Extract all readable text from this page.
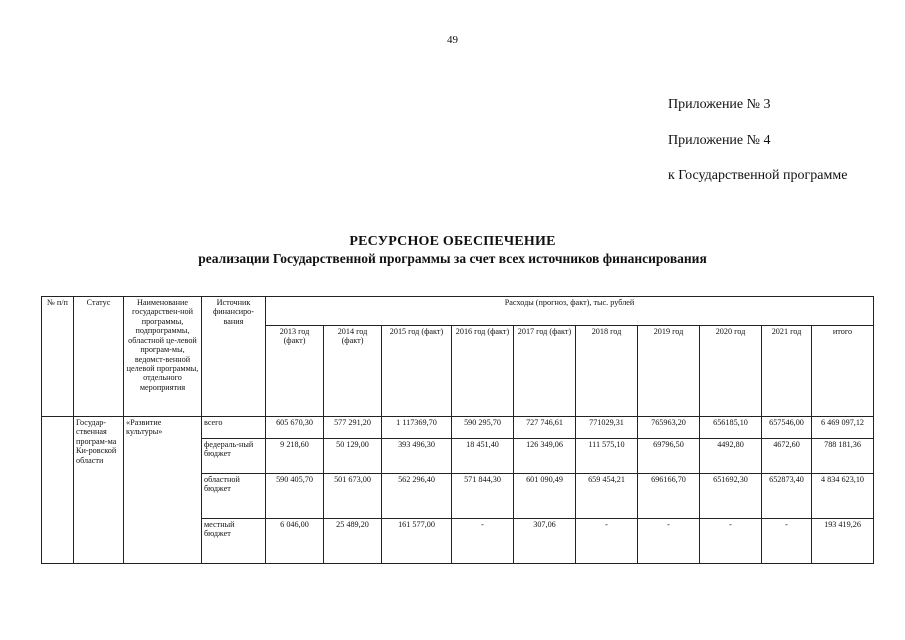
49
Приложение № 3
Приложение № 4
к Государственной программе
РЕСУРСНОЕ ОБЕСПЕЧЕНИЕ
реализации Государственной программы за счет всех источников финансирования
№ п/п	Статус	Наименование государствен-ной программы, подпрограммы, областной це-левой програм-мы, ведомст-венной целевой программы, отдельного мероприятия	Источник финансиро-вания	Расходы (прогноз, факт), тыс. рублей									
				2013 год (факт)	2014 год (факт)	2015 год (факт)	2016 год (факт)	2017 год (факт)	2018 год	2019 год	2020 год	2021 год	итого
	Государ-ственная програм-ма Ки-ровской области	«Развитие культуры»	всего	605 670,30	577 291,20	1 117369,70	590 295,70	727 746,61	771029,31	765963,20	656185,10	657546,00	6 469 097,12
			федераль-ный бюджет	9 218,60	50 129,00	393 496,30	18 451,40	126 349,06	111 575,10	69796,50	4492,80	4672,60	788 181,36
			областной бюджет	590 405,70	501 673,00	562 296,40	571 844,30	601 090,49	659 454,21	696166,70	651692,30	652873,40	4 834 623,10
			местный бюджет	6 046,00	25 489,20	161 577,00	-	307,06	-	-	-	-	193 419,26
